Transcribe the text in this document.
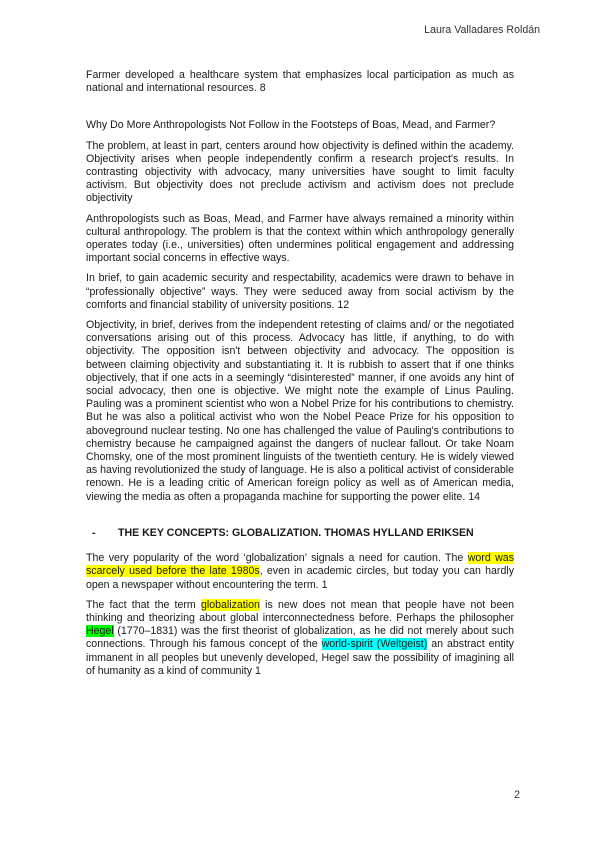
Laura Valladares Roldán

Farmer developed a healthcare system that emphasizes local participation as much as national and international resources. 8

Why Do More Anthropologists Not Follow in the Footsteps of Boas, Mead, and Farmer?

The problem, at least in part, centers around how objectivity is defined within the academy. Objectivity arises when people independently confirm a research project's results. In contrasting objectivity with advocacy, many universities have sought to limit faculty activism. But objectivity does not preclude activism and activism does not preclude objectivity

Anthropologists such as Boas, Mead, and Farmer have always remained a minority within cultural anthropology. The problem is that the context within which anthropology generally operates today (i.e., universities) often undermines political engagement and addressing important social concerns in effective ways.

In brief, to gain academic security and respectability, academics were drawn to behave in “professionally objective” ways. They were seduced away from social activism by the comforts and financial stability of university positions. 12

Objectivity, in brief, derives from the independent retesting of claims and/ or the negotiated conversations arising out of this process. Advocacy has little, if anything, to do with objectivity. The opposition isn't between objectivity and advocacy. The opposition is between claiming objectivity and substantiating it. It is rubbish to assert that if one thinks objectively, that if one acts in a seemingly “disinterested” manner, if one avoids any hint of social advocacy, then one is objective. We might note the example of Linus Pauling. Pauling was a prominent scientist who won a Nobel Prize for his contributions to chemistry. But he was also a political activist who won the Nobel Peace Prize for his opposition to aboveground nuclear testing. No one has challenged the value of Pauling's contributions to chemistry because he campaigned against the dangers of nuclear fallout. Or take Noam Chomsky, one of the most prominent linguists of the twentieth century. He is widely viewed as having revolutionized the study of language. He is also a political activist of considerable renown. He is a leading critic of American foreign policy as well as of American media, viewing the media as often a propaganda machine for supporting the power elite. 14

-	THE KEY CONCEPTS: GLOBALIZATION. THOMAS HYLLAND ERIKSEN

The very popularity of the word ‘globalization’ signals a need for caution. The word was scarcely used before the late 1980s, even in academic circles, but today you can hardly open a newspaper without encountering the term. 1

The fact that the term globalization is new does not mean that people have not been thinking and theorizing about global interconnectedness before. Perhaps the philosopher Hegel (1770–1831) was the first theorist of globalization, as he did not merely about such connections. Through his famous concept of the world-spirit (Weltgeist) an abstract entity immanent in all peoples but unevenly developed, Hegel saw the possibility of imagining all of humanity as a kind of community 1

2
